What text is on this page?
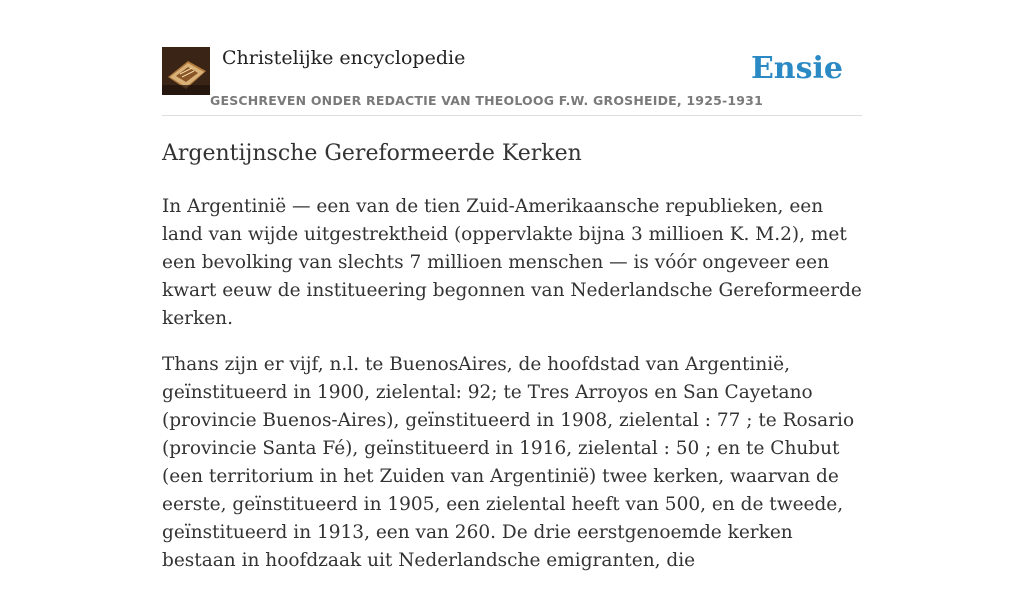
Christelijke encyclopedie
GESCHREVEN ONDER REDACTIE VAN THEOLOOG F.W. GROSHEIDE, 1925-1931
Ensie
Argentijnsche Gereformeerde Kerken

In Argentinië — een van de tien Zuid-Amerikaansche republieken, een land van wijde uitgestrektheid (oppervlakte bijna 3 millioen K. M.2), met een bevolking van slechts 7 millioen menschen — is vóór ongeveer een kwart eeuw de institueering begonnen van Nederlandsche Gereformeerde kerken.

Thans zijn er vijf, n.l. te BuenosAires, de hoofdstad van Argentinië, geïnstitueerd in 1900, zielental: 92; te Tres Arroyos en San Cayetano (provincie Buenos-Aires), geïnstitueerd in 1908, zielental : 77 ; te Rosario (provincie Santa Fé), geïnstitueerd in 1916, zielental : 50 ; en te Chubut (een territorium in het Zuiden van Argentinië) twee kerken, waarvan de eerste, geïnstitueerd in 1905, een zielental heeft van 500, en de tweede, geïnstitueerd in 1913, een van 260. De drie eerstgenoemde kerken bestaan in hoofdzaak uit Nederlandsche emigranten, die
